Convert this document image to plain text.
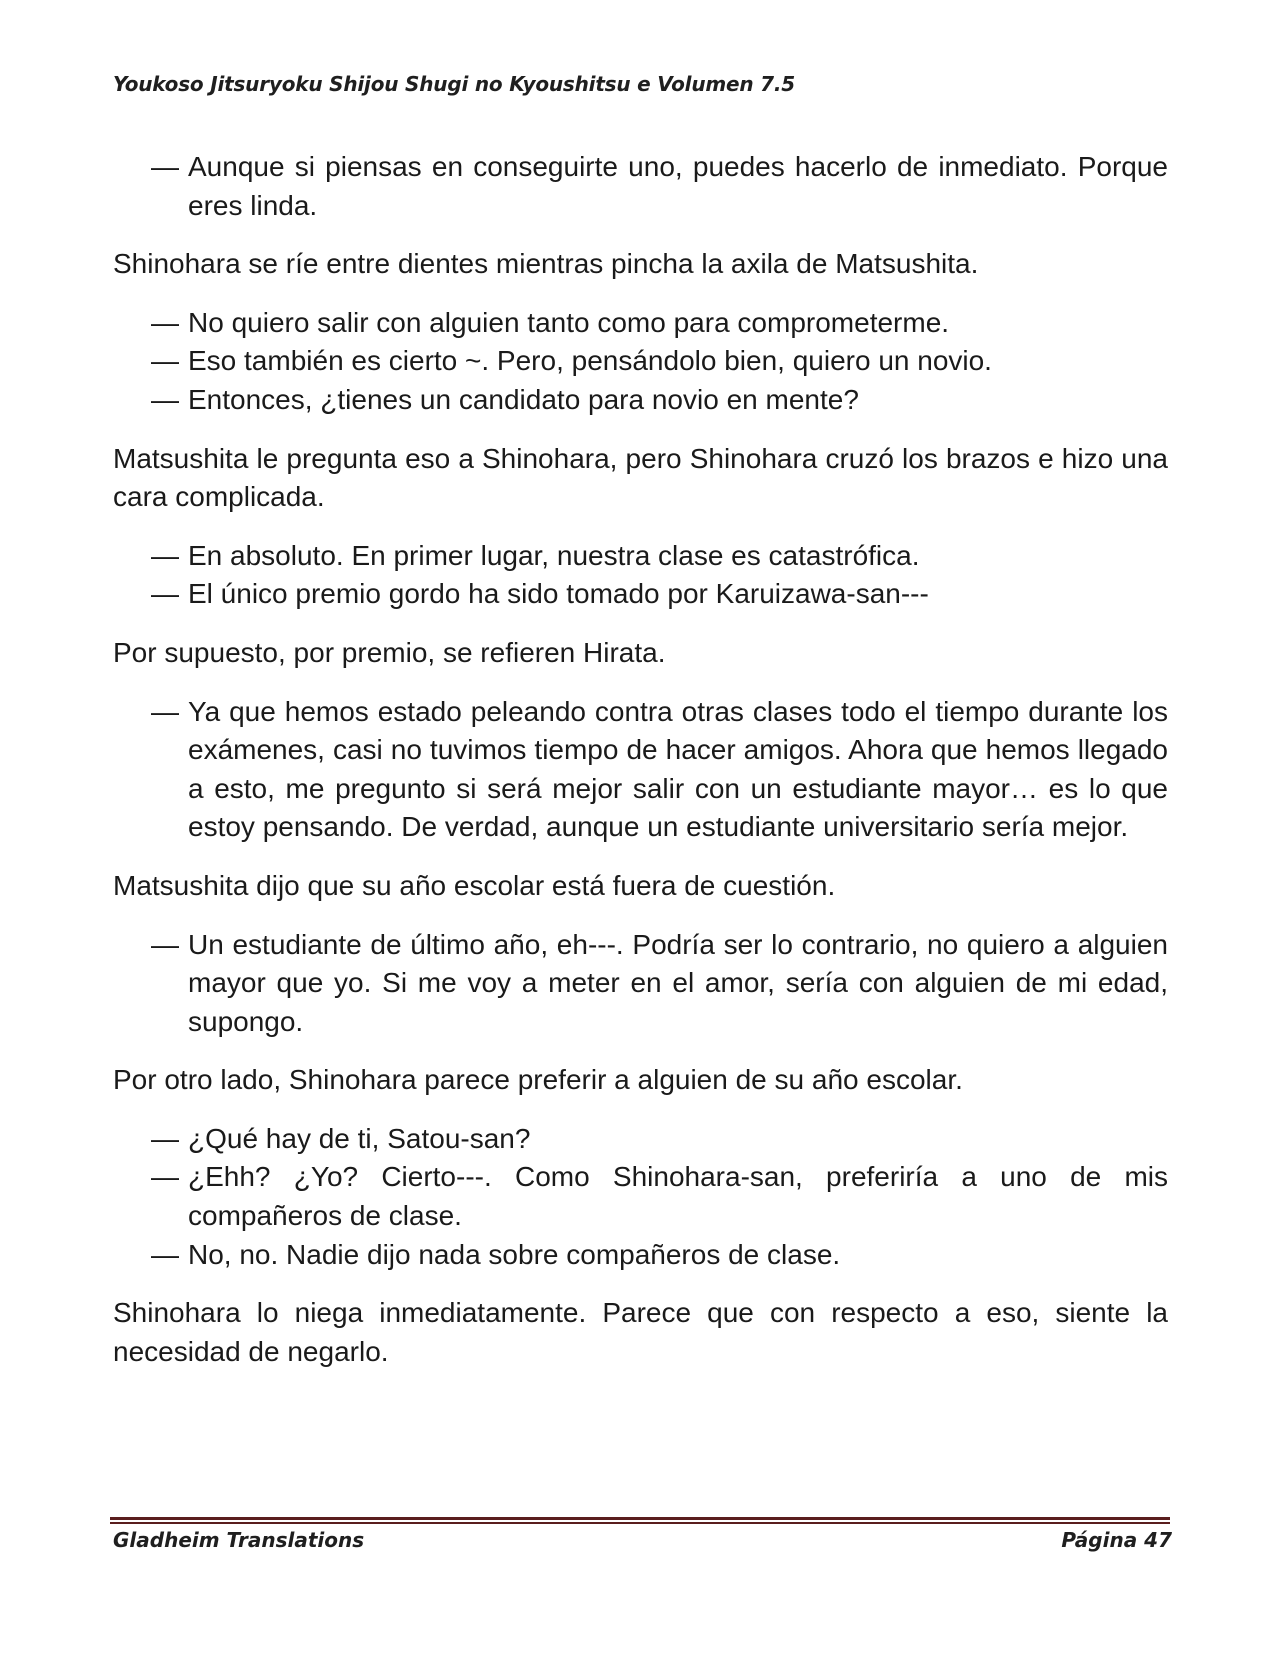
Youkoso Jitsuryoku Shijou Shugi no Kyoushitsu e Volumen 7.5

— Aunque si piensas en conseguirte uno, puedes hacerlo de inmediato. Porque eres linda.

Shinohara se ríe entre dientes mientras pincha la axila de Matsushita.

— No quiero salir con alguien tanto como para comprometerme.

— Eso también es cierto ~. Pero, pensándolo bien, quiero un novio.

— Entonces, ¿tienes un candidato para novio en mente?

Matsushita le pregunta eso a Shinohara, pero Shinohara cruzó los brazos e hizo una cara complicada.

— En absoluto. En primer lugar, nuestra clase es catastrófica.

— El único premio gordo ha sido tomado por Karuizawa-san---

Por supuesto, por premio, se refieren Hirata.

— Ya que hemos estado peleando contra otras clases todo el tiempo durante los exámenes, casi no tuvimos tiempo de hacer amigos. Ahora que hemos llegado a esto, me pregunto si será mejor salir con un estudiante mayor… es lo que estoy pensando. De verdad, aunque un estudiante universitario sería mejor.

Matsushita dijo que su año escolar está fuera de cuestión.

— Un estudiante de último año, eh---. Podría ser lo contrario, no quiero a alguien mayor que yo. Si me voy a meter en el amor, sería con alguien de mi edad, supongo.

Por otro lado, Shinohara parece preferir a alguien de su año escolar.

— ¿Qué hay de ti, Satou-san?

— ¿Ehh? ¿Yo? Cierto---. Como Shinohara-san, preferiría a uno de mis compañeros de clase.

— No, no. Nadie dijo nada sobre compañeros de clase.

Shinohara lo niega inmediatamente. Parece que con respecto a eso, siente la necesidad de negarlo.

Gladheim Translations	Página 47
